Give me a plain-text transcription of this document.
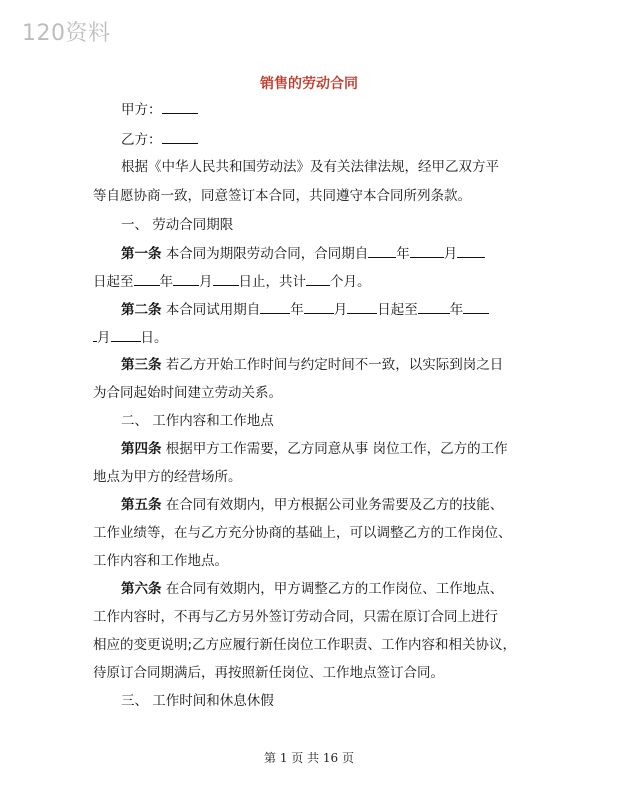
120资料
销售的劳动合同
甲方：
乙方：
根据《中华人民共和国劳动法》及有关法律法规，经甲乙双方平
等自愿协商一致，同意签订本合同，共同遵守本合同所列条款。
一、 劳动合同期限
第一条 本合同为期限劳动合同，合同期自 年	月
日起至 年 月 日止，共计 个月。
第二条 本合同试用期自 年 月 日起至 年
月 日。
第三条 若乙方开始工作时间与约定时间不一致，以实际到岗之日
为合同起始时间建立劳动关系。
二、 工作内容和工作地点
第四条 根据甲方工作需要，乙方同意从事 岗位工作，乙方的工作
地点为甲方的经营场所。
第五条 在合同有效期内，甲方根据公司业务需要及乙方的技能、
工作业绩等，在与乙方充分协商的基础上，可以调整乙方的工作岗位、
工作内容和工作地点。
第六条 在合同有效期内，甲方调整乙方的工作岗位、工作地点、
工作内容时，不再与乙方另外签订劳动合同，只需在原订合同上进行
相应的变更说明;乙方应履行新任岗位工作职责、工作内容和相关协议，
待原订合同期满后，再按照新任岗位、工作地点签订合同。
三、 工作时间和休息休假
第 1 页 共 16 页
